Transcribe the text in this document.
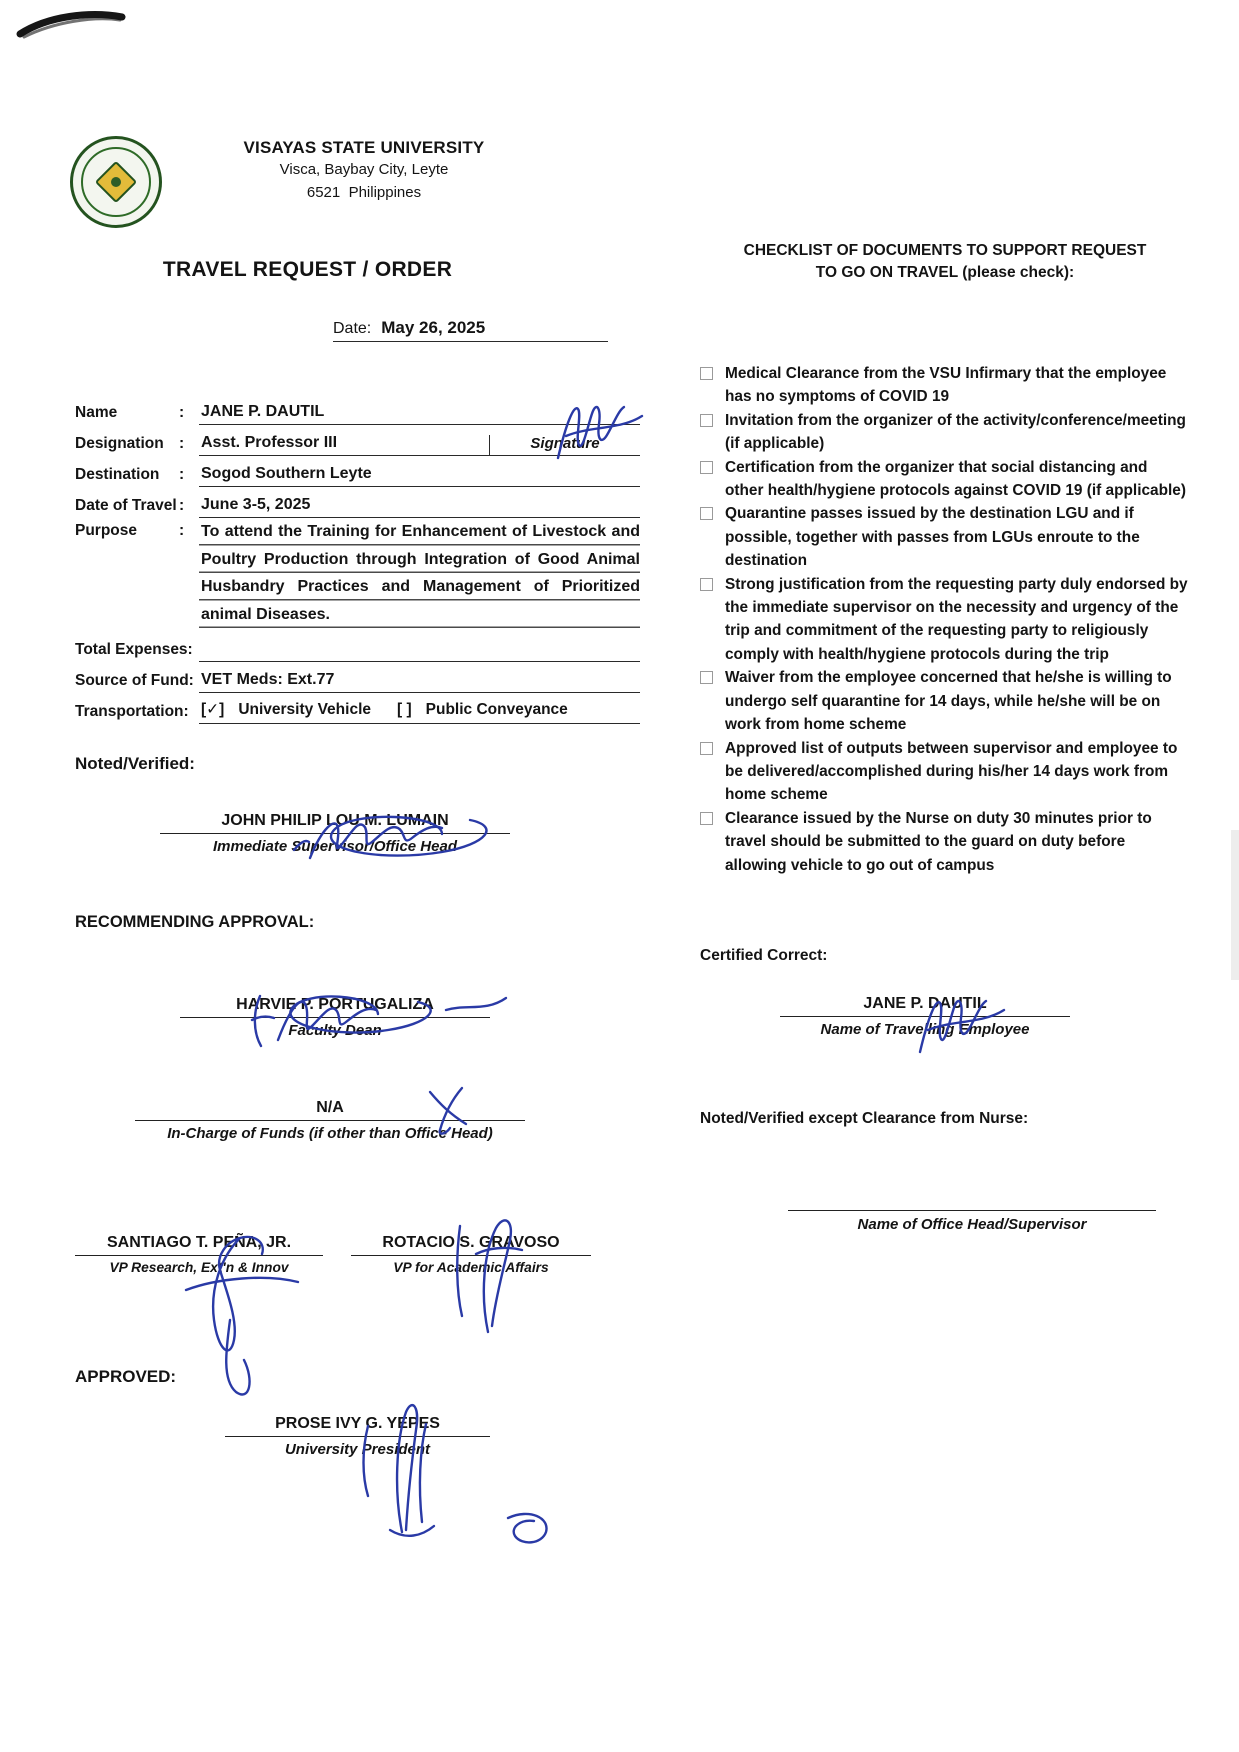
VISAYAS STATE UNIVERSITY
Visca, Baybay City, Leyte
6521  Philippines
TRAVEL REQUEST / ORDER
Date: May 26, 2025
Name	:	JANE P. DAUTIL
Designation :	Asst. Professor III	Signature
Destination	:	Sogod Southern Leyte
Date of Travel :	June 3-5, 2025
Purpose	:	To attend the Training for Enhancement of Livestock and Poultry Production through Integration of Good Animal Husbandry Practices and Management of Prioritized animal Diseases.
Total Expenses:
Source of Fund: VET Meds: Ext.77
Transportation: [✓] University Vehicle [ ] Public Conveyance
Noted/Verified:
JOHN PHILIP LOU M. LUMAIN
Immediate Supervisor/Office Head
RECOMMENDING APPROVAL:
HARVIE P. PORTUGALIZA
Faculty Dean
N/A
In-Charge of Funds (if other than Office Head)
SANTIAGO T. PEÑA, JR.
VP Research, Ext'n & Innov
ROTACIO S. GRAVOSO
VP for Academic Affairs
APPROVED:
PROSE IVY G. YEPES
University President
CHECKLIST OF DOCUMENTS TO SUPPORT REQUEST
TO GO ON TRAVEL (please check):
Medical Clearance from the VSU Infirmary that the employee has no symptoms of COVID 19
Invitation from the organizer of the activity/conference/meeting (if applicable)
Certification from the organizer that social distancing and other health/hygiene protocols against COVID 19 (if applicable)
Quarantine passes issued by the destination LGU and if possible, together with passes from LGUs enroute to the destination
Strong justification from the requesting party duly endorsed by the immediate supervisor on the necessity and urgency of the trip and commitment of the requesting party to religiously comply with health/hygiene protocols during the trip
Waiver from the employee concerned that he/she is willing to undergo self quarantine for 14 days, while he/she will be on work from home scheme
Approved list of outputs between supervisor and employee to be delivered/accomplished during his/her 14 days work from home scheme
Clearance issued by the Nurse on duty 30 minutes prior to travel should be submitted to the guard on duty before allowing vehicle to go out of campus
Certified Correct:
JANE P. DAUTIL
Name of Travelling Employee
Noted/Verified except Clearance from Nurse:
Name of Office Head/Supervisor
